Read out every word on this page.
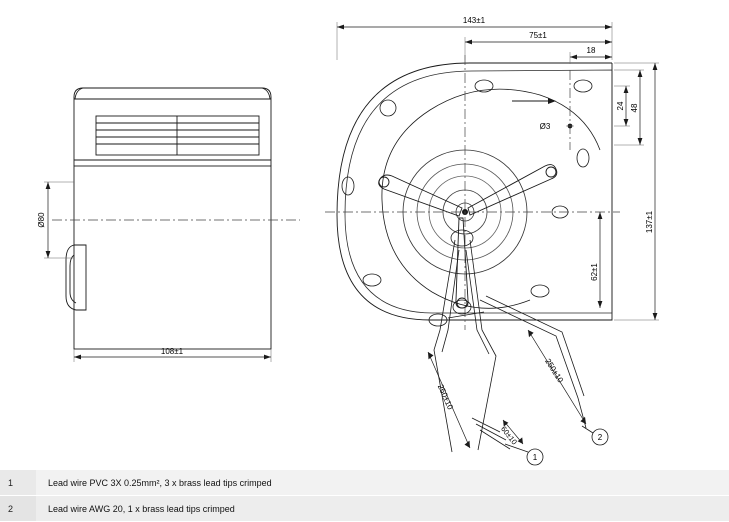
Ø80
108±1
Ø3
143±1
75±1
18
24 48
137±1
62±1
250±10
250±10
60±10
1
2
1	Lead wire PVC 3X 0.25mm², 3 x brass lead tips crimped
2	Lead wire AWG 20, 1 x brass lead tips crimped
